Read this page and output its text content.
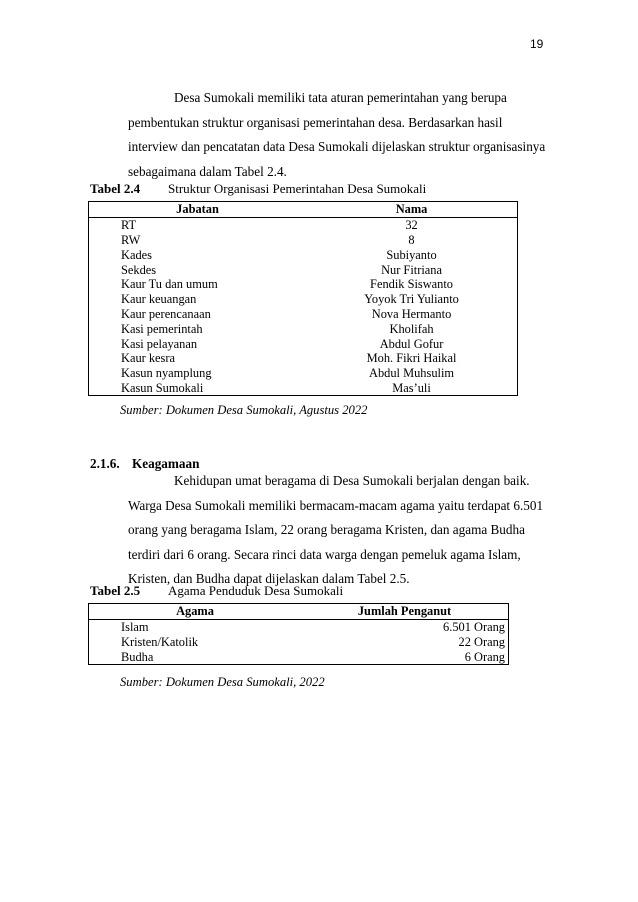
19

Desa Sumokali memiliki tata aturan pemerintahan yang berupa

pembentukan struktur organisasi pemerintahan desa. Berdasarkan hasil

interview dan pencatatan data Desa Sumokali dijelaskan struktur organisasinya

sebagaimana dalam Tabel 2.4.

Tabel 2.4 Struktur Organisasi Pemerintahan Desa Sumokali
Jabatan	Nama
RT	32
RW	8
Kades	Subiyanto
Sekdes	Nur Fitriana
Kaur Tu dan umum	Fendik Siswanto
Kaur keuangan	Yoyok Tri Yulianto
Kaur perencanaan	Nova Hermanto
Kasi pemerintah	Kholifah
Kasi pelayanan	Abdul Gofur
Kaur kesra	Moh. Fikri Haikal
Kasun nyamplung	Abdul Muhsulim
Kasun Sumokali	Mas’uli
Sumber: Dokumen Desa Sumokali, Agustus 2022
2.1.6. Keagamaan

Kehidupan umat beragama di Desa Sumokali berjalan dengan baik.

Warga Desa Sumokali memiliki bermacam-macam agama yaitu terdapat 6.501

orang yang beragama Islam, 22 orang beragama Kristen, dan agama Budha

terdiri dari 6 orang. Secara rinci data warga dengan pemeluk agama Islam,

Kristen, dan Budha dapat dijelaskan dalam Tabel 2.5.

Tabel 2.5 Agama Penduduk Desa Sumokali
Agama	Jumlah Penganut
Islam	6.501 Orang
Kristen/Katolik	22 Orang
Budha	6 Orang
Sumber: Dokumen Desa Sumokali, 2022
